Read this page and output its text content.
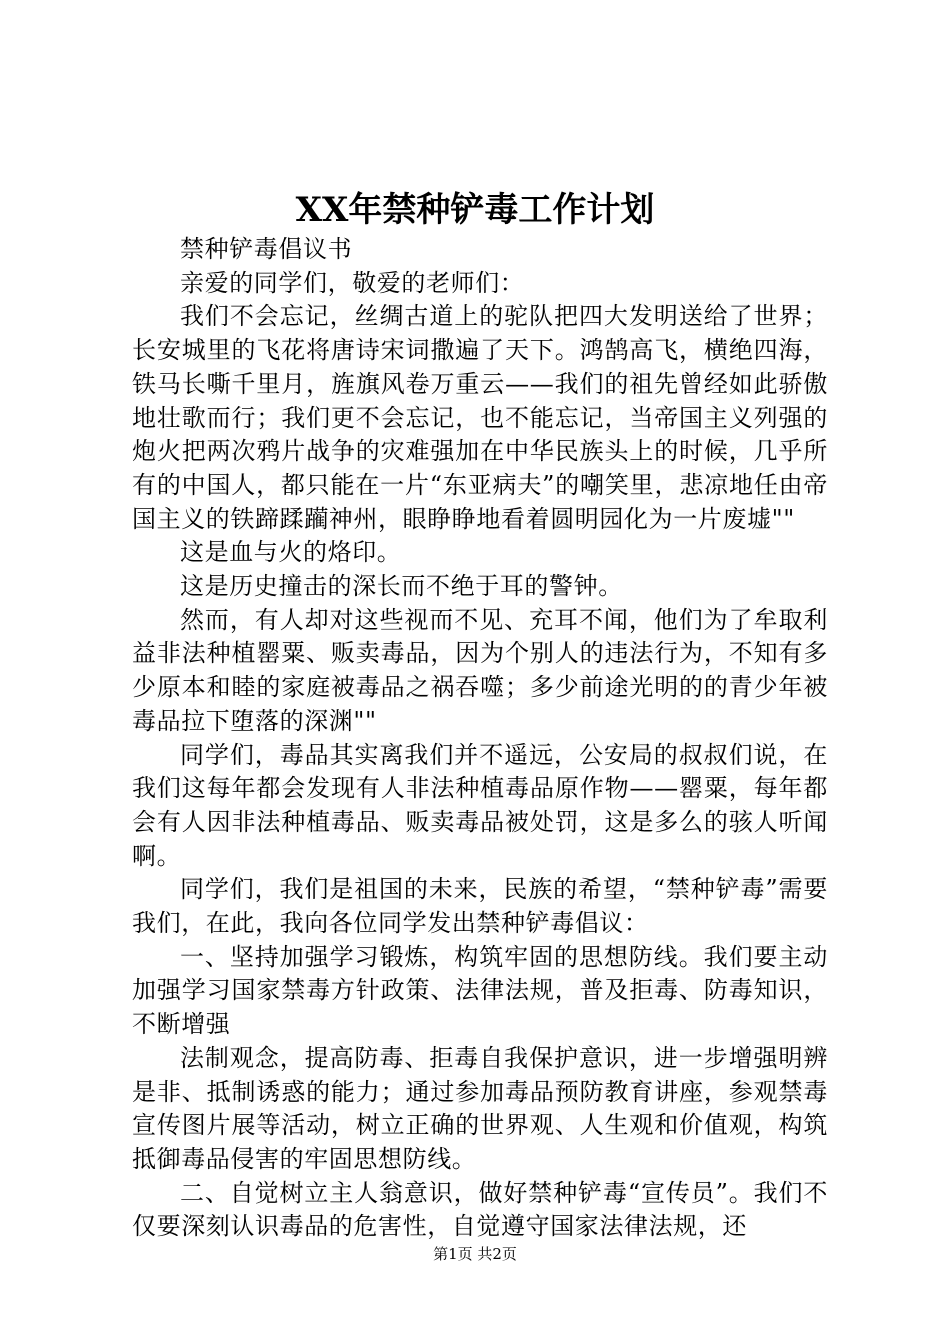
XX年禁种铲毒工作计划

禁种铲毒倡议书

亲爱的同学们，敬爱的老师们：

我们不会忘记，丝绸古道上的驼队把四大发明送给了世界；长安城里的飞花将唐诗宋词撒遍了天下。鸿鹄高飞，横绝四海，铁马长嘶千里月，旌旗风卷万重云——我们的祖先曾经如此骄傲地壮歌而行；我们更不会忘记，也不能忘记，当帝国主义列强的炮火把两次鸦片战争的灾难强加在中华民族头上的时候，几乎所有的中国人，都只能在一片“东亚病夫”的嘲笑里，悲凉地任由帝国主义的铁蹄蹂躏神州，眼睁睁地看着圆明园化为一片废墟""

这是血与火的烙印。

这是历史撞击的深长而不绝于耳的警钟。

然而，有人却对这些视而不见、充耳不闻，他们为了牟取利益非法种植罂粟、贩卖毒品，因为个别人的违法行为，不知有多少原本和睦的家庭被毒品之祸吞噬；多少前途光明的的青少年被毒品拉下堕落的深渊""

同学们，毒品其实离我们并不遥远，公安局的叔叔们说，在我们这每年都会发现有人非法种植毒品原作物——罂粟，每年都会有人因非法种植毒品、贩卖毒品被处罚，这是多么的骇人听闻啊。

同学们，我们是祖国的未来，民族的希望，“禁种铲毒”需要我们，在此，我向各位同学发出禁种铲毒倡议：

一、坚持加强学习锻炼，构筑牢固的思想防线。我们要主动加强学习国家禁毒方针政策、法律法规，普及拒毒、防毒知识，不断增强

法制观念，提高防毒、拒毒自我保护意识，进一步增强明辨是非、抵制诱惑的能力；通过参加毒品预防教育讲座，参观禁毒宣传图片展等活动，树立正确的世界观、人生观和价值观，构筑抵御毒品侵害的牢固思想防线。

二、自觉树立主人翁意识，做好禁种铲毒“宣传员”。我们不仅要深刻认识毒品的危害性，自觉遵守国家法律法规，还

第1页 共2页
